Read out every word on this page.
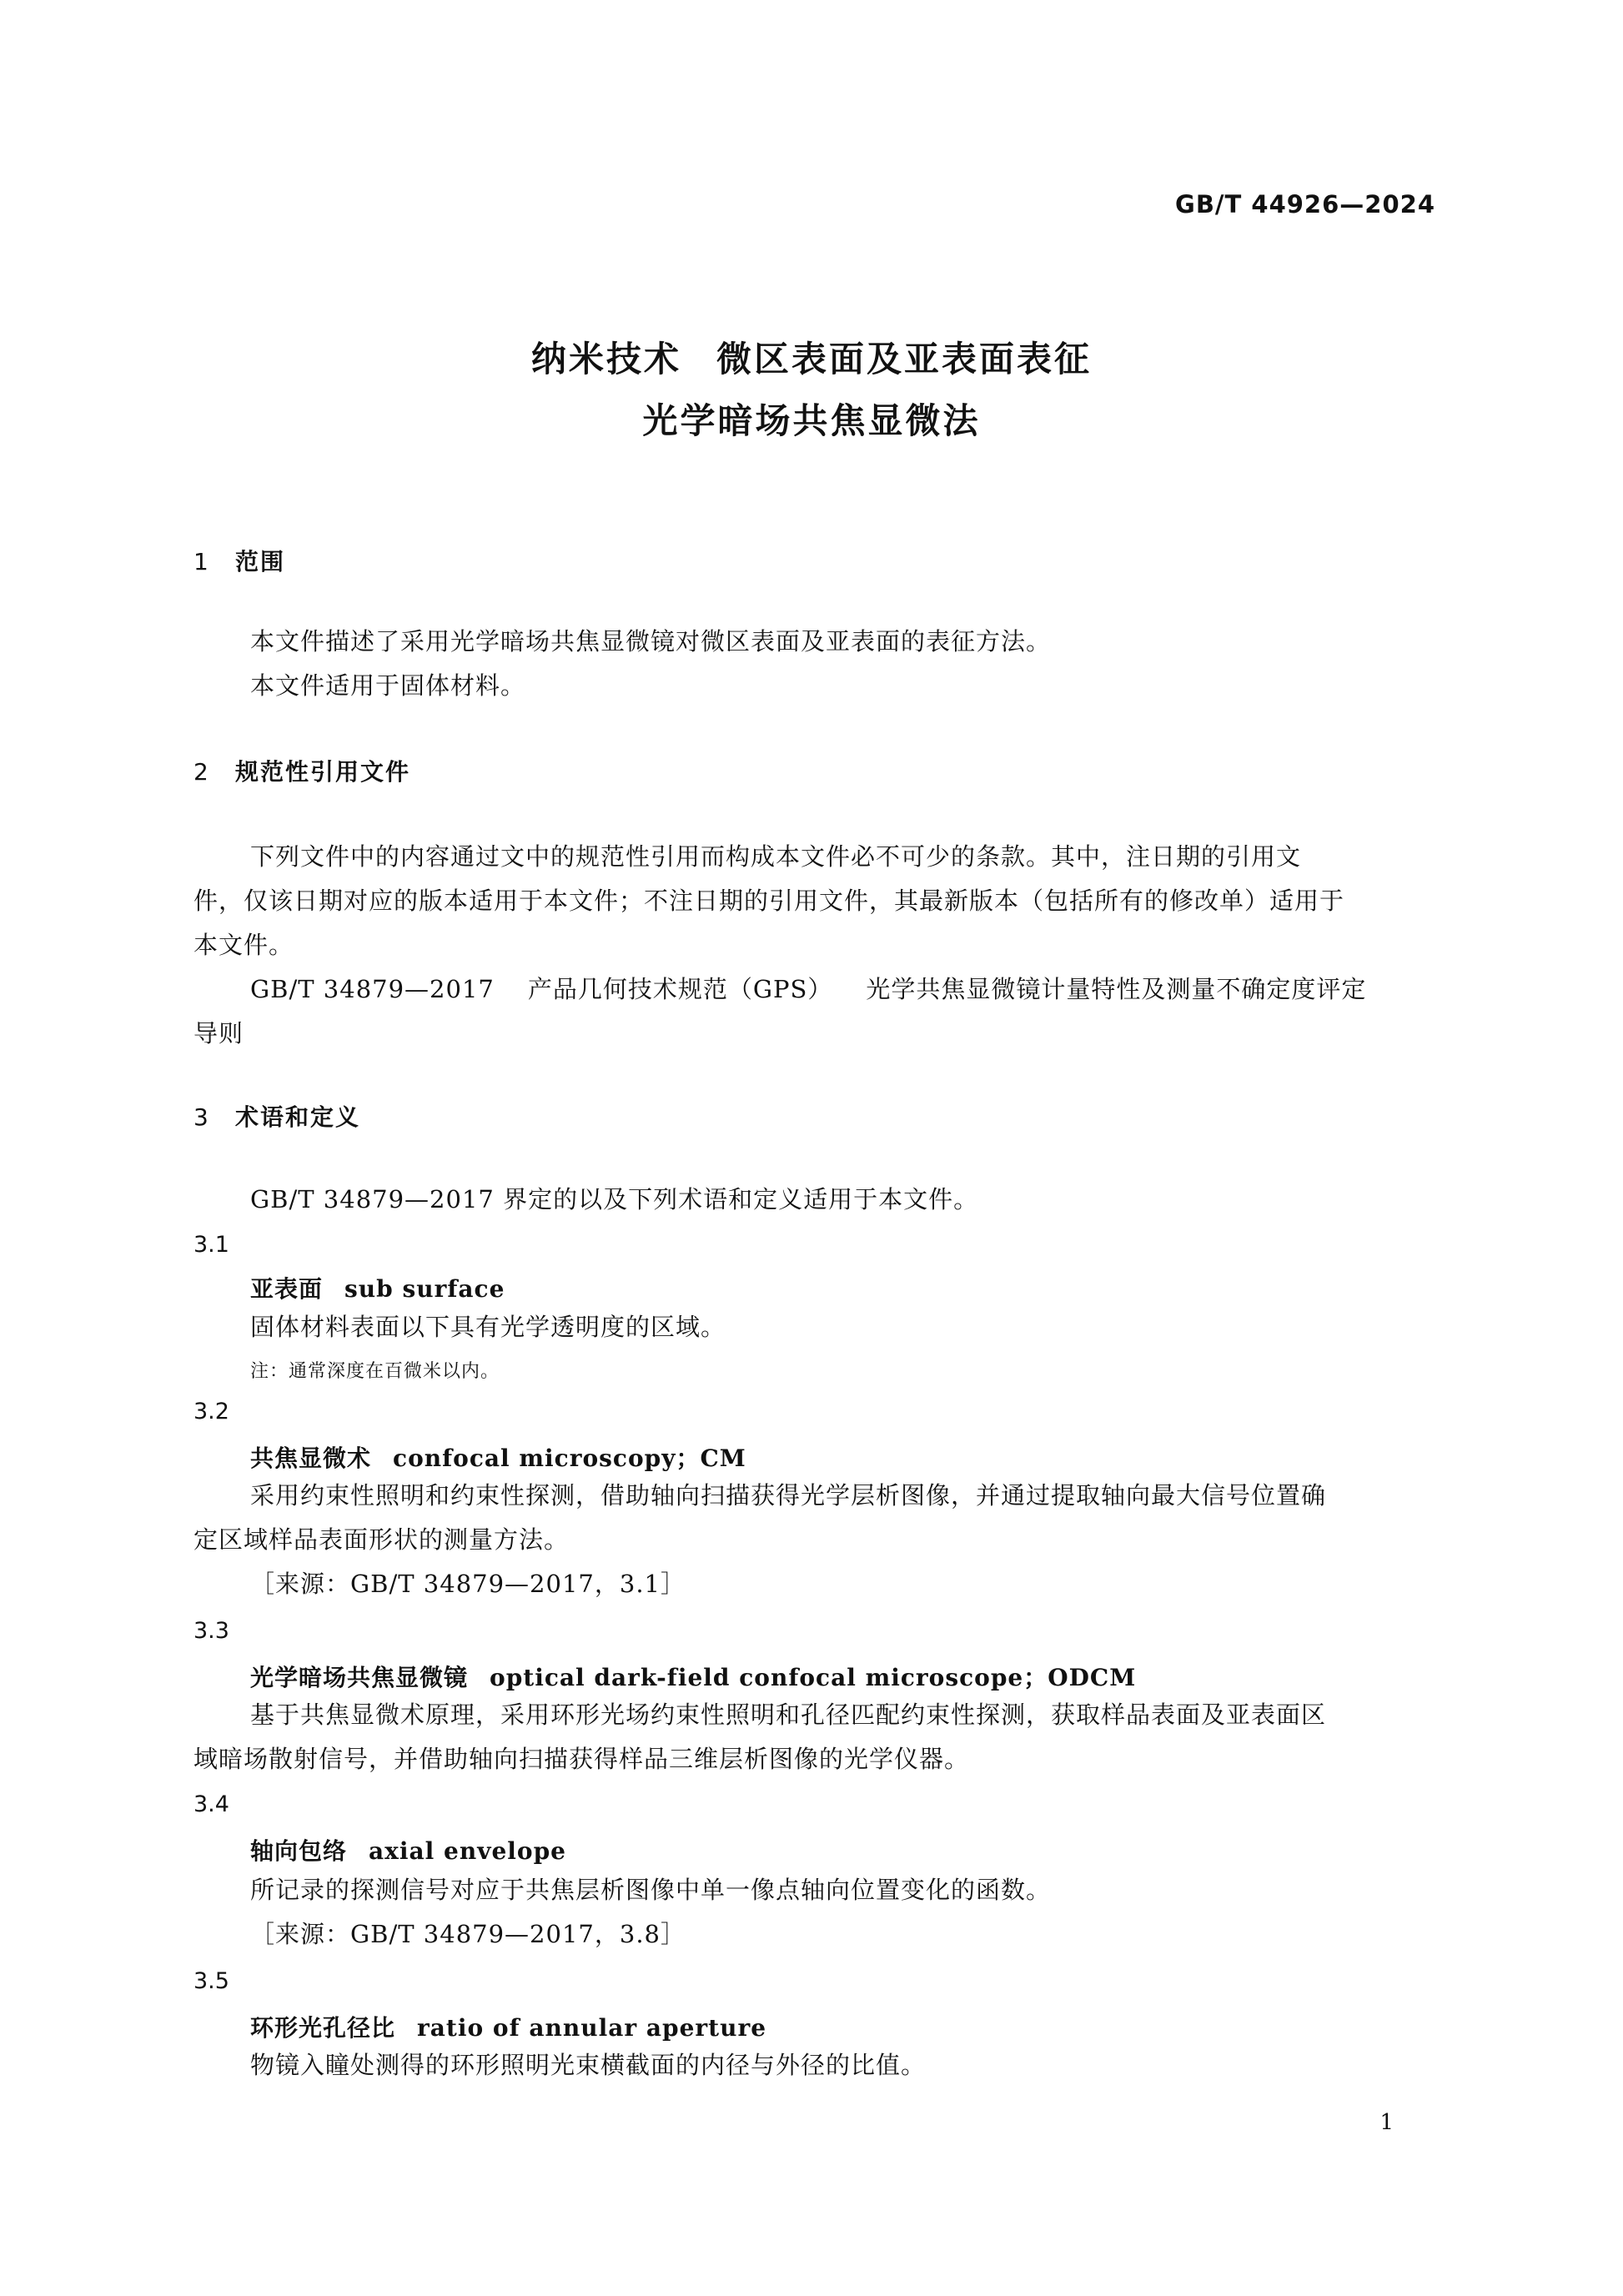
GB/T 44926—2024
纳米技术 微区表面及亚表面表征
光学暗场共焦显微法
1 范围

本文件描述了采用光学暗场共焦显微镜对微区表面及亚表面的表征方法。

本文件适用于固体材料。

2 规范性引用文件

下列文件中的内容通过文中的规范性引用而构成本文件必不可少的条款。其中，注日期的引用文

件，仅该日期对应的版本适用于本文件；不注日期的引用文件，其最新版本（包括所有的修改单）适用于

本文件。

GB/T 34879—2017 产品几何技术规范（GPS） 光学共焦显微镜计量特性及测量不确定度评定

导则

3 术语和定义

GB/T 34879—2017 界定的以及下列术语和定义适用于本文件。

3.1
亚表面 sub surface

固体材料表面以下具有光学透明度的区域。

注：通常深度在百微米以内。
3.2
共焦显微术 confocal microscopy；CM

采用约束性照明和约束性探测，借助轴向扫描获得光学层析图像，并通过提取轴向最大信号位置确

定区域样品表面形状的测量方法。

［来源：GB/T 34879—2017，3.1］

3.3
光学暗场共焦显微镜 optical dark-field confocal microscope；ODCM

基于共焦显微术原理，采用环形光场约束性照明和孔径匹配约束性探测，获取样品表面及亚表面区

域暗场散射信号，并借助轴向扫描获得样品三维层析图像的光学仪器。

3.4
轴向包络 axial envelope

所记录的探测信号对应于共焦层析图像中单一像点轴向位置变化的函数。

［来源：GB/T 34879—2017，3.8］

3.5
环形光孔径比 ratio of annular aperture

物镜入瞳处测得的环形照明光束横截面的内径与外径的比值。

1
